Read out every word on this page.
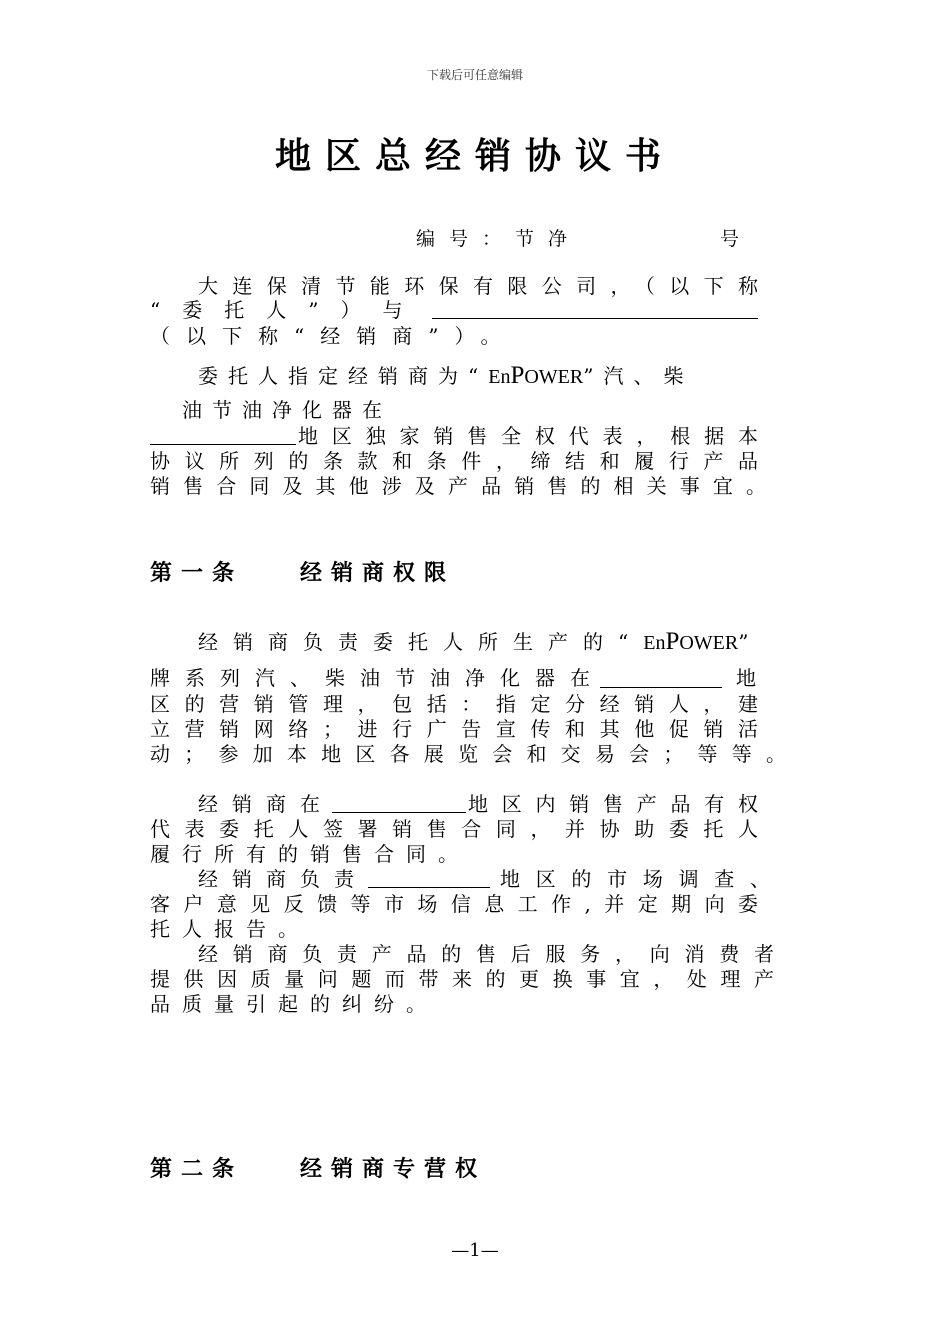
下载后可任意编辑
地区总经销协议书
编号：节净	号
大连保清节能环保有限公司，（以下称
“委托人”）与
（以下称“经销商”）。
委托人指定经销商为“EnPOWER”汽、柴
油节油净化器在
地区独家销售全权代表，根据本
协议所列的条款和条件，缔结和履行产品
销售合同及其他涉及产品销售的相关事宜。
第一条	经销商权限
经销商负责委托人所生产的“EnPOWER”
牌系列汽、柴油节油净化器在	地
区的营销管理，包括：指定分经销人，建
立营销网络；进行广告宣传和其他促销活
动；参加本地区各展览会和交易会；等等。
经销商在	地区内销售产品有权
代表委托人签署销售合同，并协助委托人
履行所有的销售合同。
经销商负责	地区的市场调查、
客户意见反馈等市场信息工作,并定期向委
托人报告。
经销商负责产品的售后服务，向消费者
提供因质量问题而带来的更换事宜，处理产
品质量引起的纠纷。
第二条	经销商专营权
—1—
